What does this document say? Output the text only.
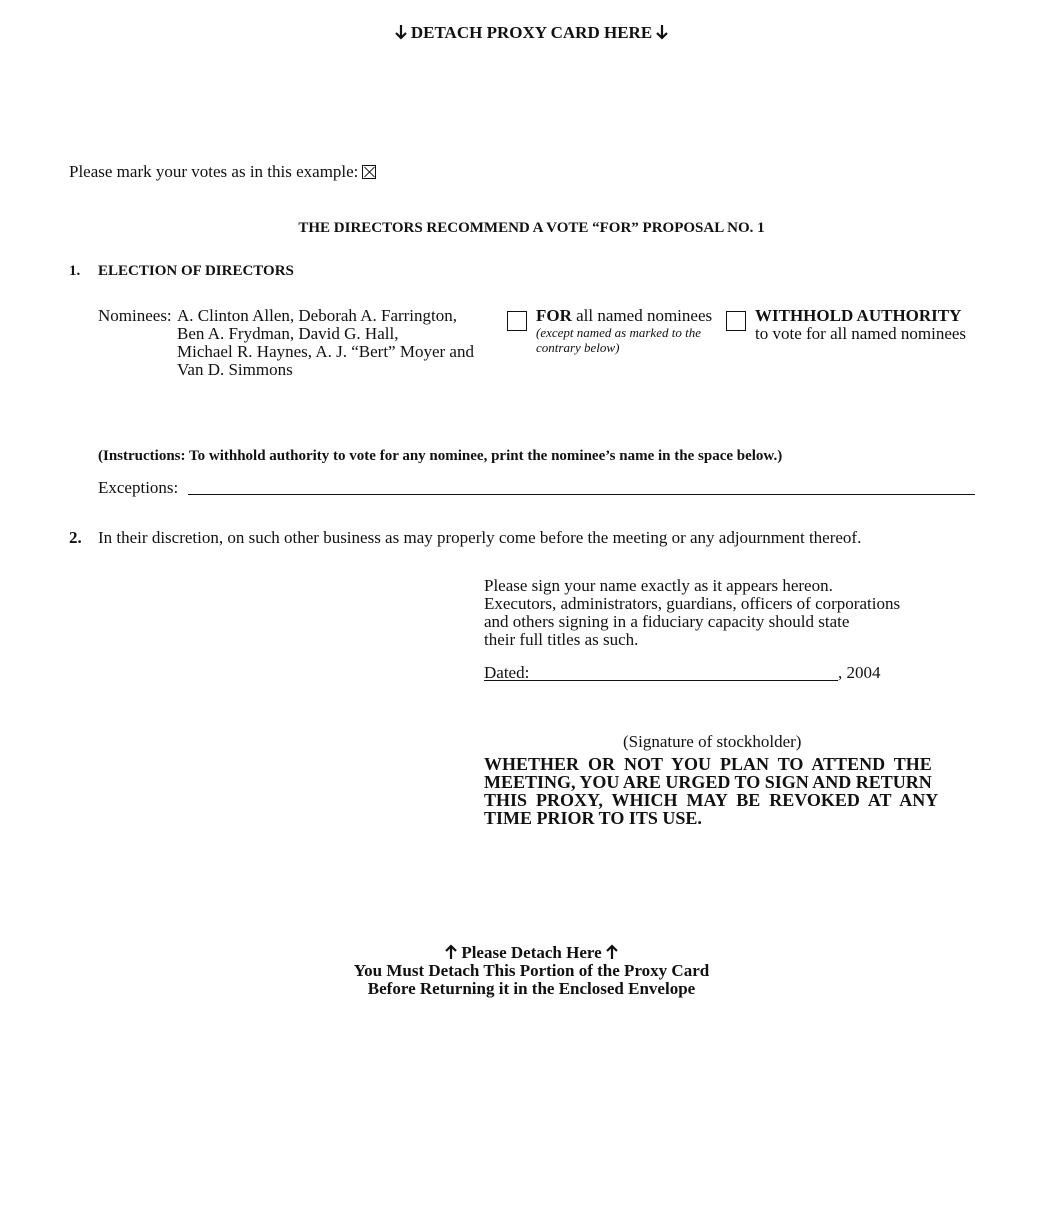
DETACH PROXY CARD HERE
Please mark your votes as in this example:
THE DIRECTORS RECOMMEND A VOTE “FOR” PROPOSAL NO. 1
1. ELECTION OF DIRECTORS
Nominees: A. Clinton Allen, Deborah A. Farrington,
Ben A. Frydman, David G. Hall,
Michael R. Haynes, A. J. “Bert” Moyer and
Van D. Simmons
FOR all named nominees
(except named as marked to the
contrary below)
WITHHOLD AUTHORITY
to vote for all named nominees
(Instructions: To withhold authority to vote for any nominee, print the nominee’s name in the space below.)
Exceptions:
2. In their discretion, on such other business as may properly come before the meeting or any adjournment thereof.
Please sign your name exactly as it appears hereon.
Executors, administrators, guardians, officers of corporations
and others signing in a fiduciary capacity should state
their full titles as such.
Dated:	, 2004
(Signature of stockholder)
WHETHER  OR  NOT  YOU  PLAN  TO  ATTEND  THE
MEETING, YOU ARE URGED TO SIGN AND RETURN
THIS  PROXY,  WHICH  MAY  BE  REVOKED  AT  ANY
TIME PRIOR TO ITS USE.
Please Detach Here
You Must Detach This Portion of the Proxy Card
Before Returning it in the Enclosed Envelope
